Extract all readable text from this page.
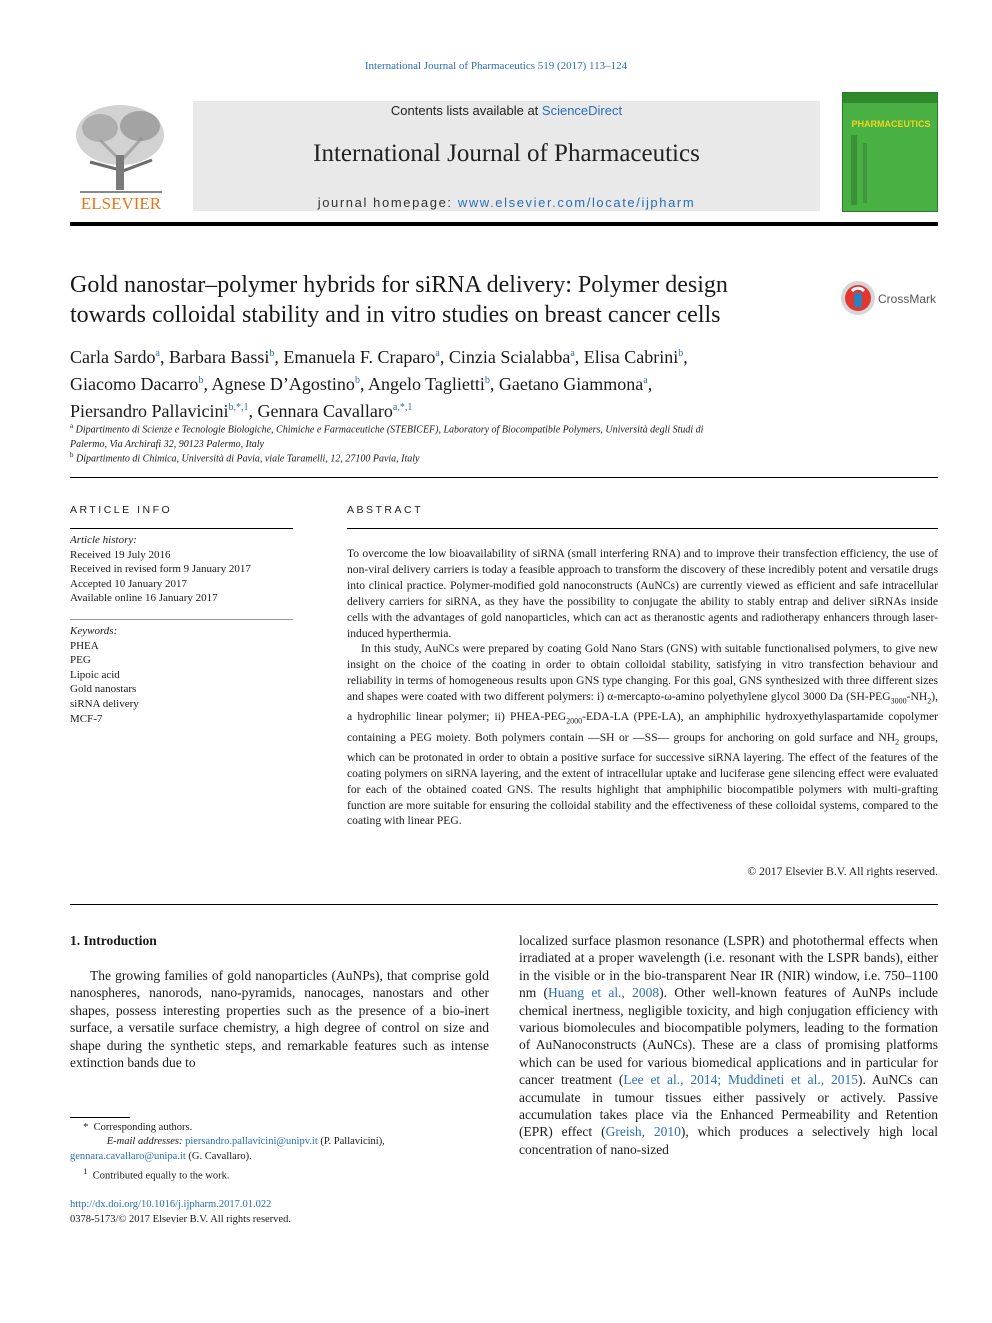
International Journal of Pharmaceutics 519 (2017) 113–124
ELSEVIER
Contents lists available at ScienceDirect
International Journal of Pharmaceutics
journal homepage: www.elsevier.com/locate/ijpharm
PHARMACEUTICS
Gold nanostar–polymer hybrids for siRNA delivery: Polymer design
towards colloidal stability and in vitro studies on breast cancer cells
CrossMark
Carla Sardo$^a$, Barbara Bassi$^b$, Emanuela F. Craparo$^a$, Cinzia Scialabba$^a$, Elisa Cabrini$^b$,
Giacomo Dacarro$^b$, Agnese D’Agostino$^b$, Angelo Taglietti$^b$, Gaetano Giammona$^a$,
Piersandro Pallavicini$^{b,*,1}$, Gennara Cavallaro$^{a,*,1}$
$^a$ Dipartimento di Scienze e Tecnologie Biologiche, Chimiche e Farmaceutiche (STEBICEF), Laboratory of Biocompatible Polymers, Università degli Studi di
Palermo, Via Archirafi 32, 90123 Palermo, Italy
$^b$ Dipartimento di Chimica, Università di Pavia, viale Taramelli, 12, 27100 Pavia, Italy
ARTICLE INFO
Article history:
Received 19 July 2016
Received in revised form 9 January 2017
Accepted 10 January 2017
Available online 16 January 2017
Keywords:
PHEA
PEG
Lipoic acid
Gold nanostars
siRNA delivery
MCF-7
ABSTRACT

To overcome the low bioavailability of siRNA (small interfering RNA) and to improve their transfection efficiency, the use of non-viral delivery carriers is today a feasible approach to transform the discovery of these incredibly potent and versatile drugs into clinical practice. Polymer-modified gold nanoconstructs (AuNCs) are currently viewed as efficient and safe intracellular delivery carriers for siRNA, as they have the possibility to conjugate the ability to stably entrap and deliver siRNAs inside cells with the advantages of gold nanoparticles, which can act as theranostic agents and radiotherapy enhancers through laser-induced hyperthermia.

In this study, AuNCs were prepared by coating Gold Nano Stars (GNS) with suitable functionalised polymers, to give new insight on the choice of the coating in order to obtain colloidal stability, satisfying in vitro transfection behaviour and reliability in terms of homogeneous results upon GNS type changing. For this goal, GNS synthesized with three different sizes and shapes were coated with two different polymers: i) α-mercapto-ω-amino polyethylene glycol 3000 Da $(SH-PEG_{3000}-NH_2)$, a hydrophilic linear polymer; ii) PHEA-$PEG_{2000}-EDA-LA$ (PPE-LA), an amphiphilic hydroxyethylaspartamide copolymer containing a PEG moiety. Both polymers contain —SH or —SS— groups for anchoring on gold surface and $NH_2$ groups, which can be protonated in order to obtain a positive surface for successive siRNA layering. The effect of the features of the coating polymers on siRNA layering, and the extent of intracellular uptake and luciferase gene silencing effect were evaluated for each of the obtained coated GNS. The results highlight that amphiphilic biocompatible polymers with multi-grafting function are more suitable for ensuring the colloidal stability and the effectiveness of these colloidal systems, compared to the coating with linear PEG.

© 2017 Elsevier B.V. All rights reserved.
1. Introduction

The growing families of gold nanoparticles (AuNPs), that comprise gold nanospheres, nanorods, nano-pyramids, nanocages, nanostars and other shapes, possess interesting properties such as the presence of a bio-inert surface, a versatile surface chemistry, a high degree of control on size and shape during the synthetic steps, and remarkable features such as intense extinction bands due to

localized surface plasmon resonance (LSPR) and photothermal effects when irradiated at a proper wavelength (i.e. resonant with the LSPR bands), either in the visible or in the bio-transparent Near IR (NIR) window, i.e. 750–1100 nm (Huang et al., 2008). Other well-known features of AuNPs include chemical inertness, negligible toxicity, and high conjugation efficiency with various biomolecules and biocompatible polymers, leading to the formation of AuNanoconstructs (AuNCs). These are a class of promising platforms which can be used for various biomedical applications and in particular for cancer treatment (Lee et al., 2014; Muddineti et al., 2015). AuNCs can accumulate in tumour tissues either passively or actively. Passive accumulation takes place via the Enhanced Permeability and Retention (EPR) effect (Greish, 2010), which produces a selectively high local concentration of nano-sized

* Corresponding authors.
E-mail addresses: piersandro.pallavicini@unipv.it (P. Pallavicini),
gennara.cavallaro@unipa.it (G. Cavallaro).
$^1$ Contributed equally to the work.
http://dx.doi.org/10.1016/j.ijpharm.2017.01.022
0378-5173/© 2017 Elsevier B.V. All rights reserved.
